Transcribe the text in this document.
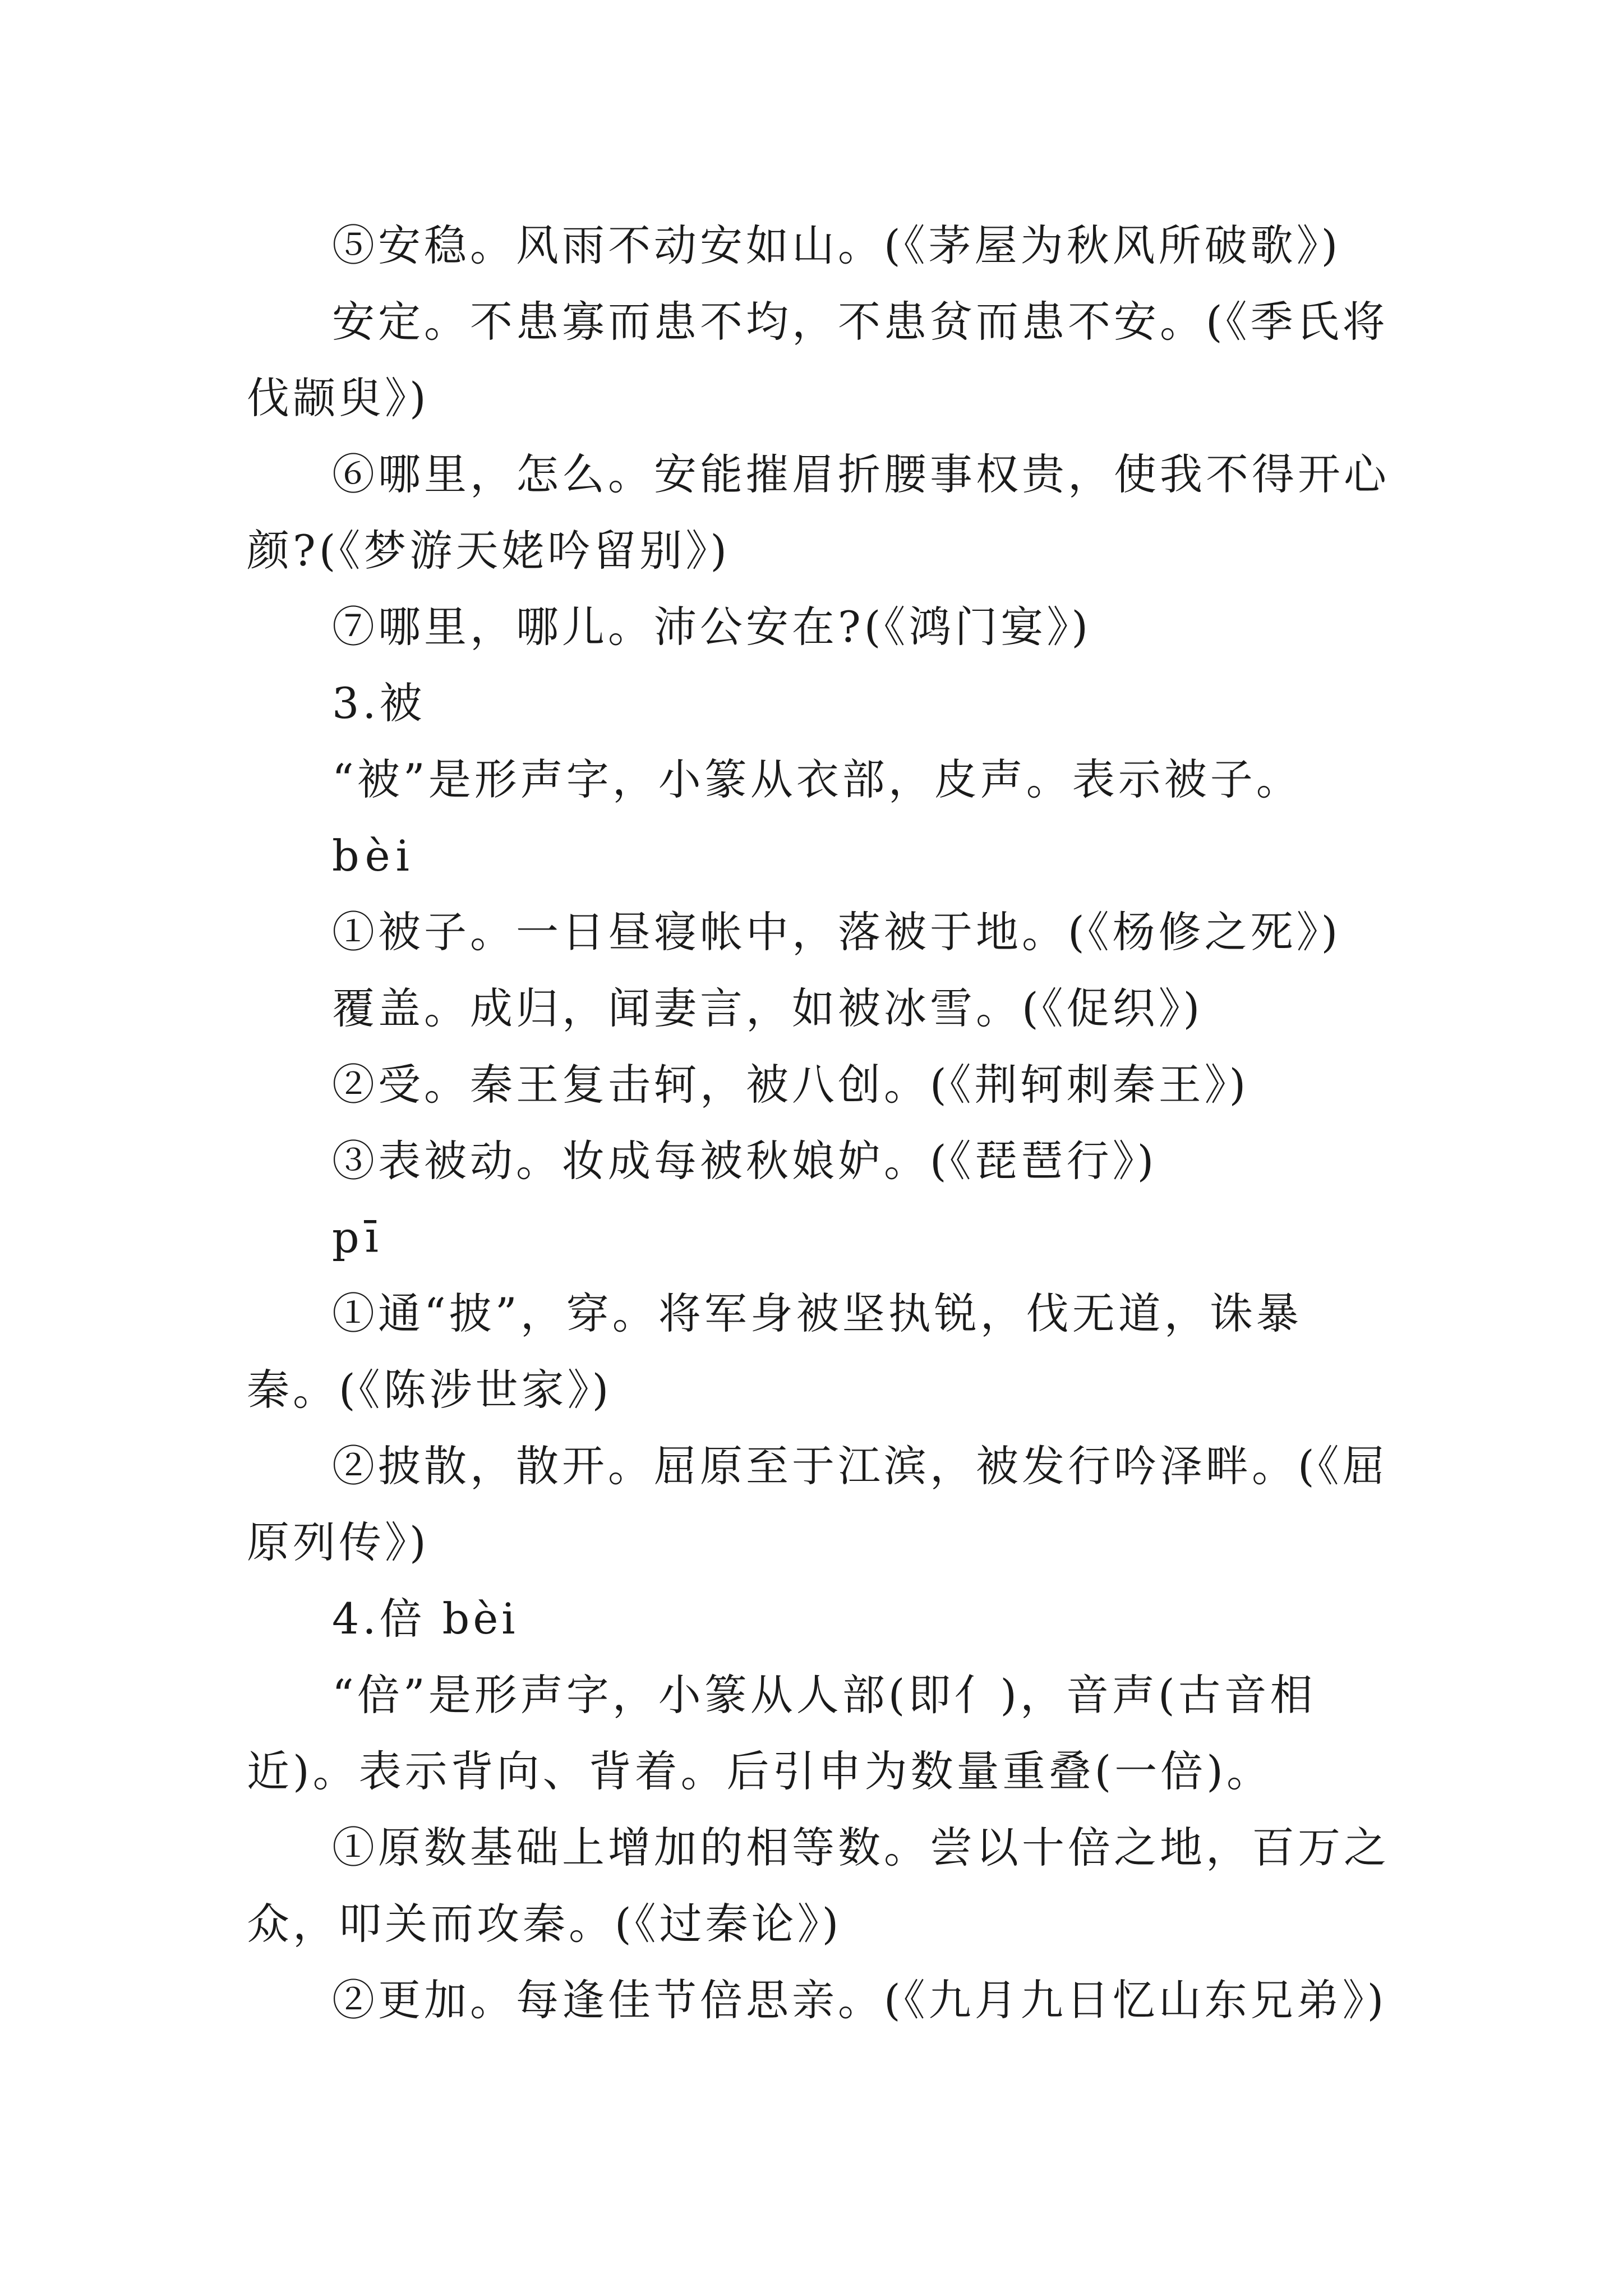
⑤安稳。风雨不动安如山。(《茅屋为秋风所破歌》)

安定。不患寡而患不均，不患贫而患不安。(《季氏将伐颛臾》)

⑥哪里，怎么。安能摧眉折腰事权贵，使我不得开心颜?(《梦游天姥吟留别》)

⑦哪里，哪儿。沛公安在?(《鸿门宴》)

3.被

“被”是形声字，小篆从衣部，皮声。表示被子。

bèi

①被子。一日昼寝帐中，落被于地。(《杨修之死》)

覆盖。成归，闻妻言，如被冰雪。(《促织》)

②受。秦王复击轲，被八创。(《荆轲刺秦王》)

③表被动。妆成每被秋娘妒。(《琵琶行》)

pī

①通“披”，穿。将军身被坚执锐，伐无道，诛暴秦。(《陈涉世家》)

②披散，散开。屈原至于江滨，被发行吟泽畔。(《屈原列传》)

4.倍 bèi

“倍”是形声字，小篆从人部(即亻)，音声(古音相近)。表示背向、背着。后引申为数量重叠(一倍)。

①原数基础上增加的相等数。尝以十倍之地，百万之众，叩关而攻秦。(《过秦论》)

②更加。每逢佳节倍思亲。(《九月九日忆山东兄弟》)
